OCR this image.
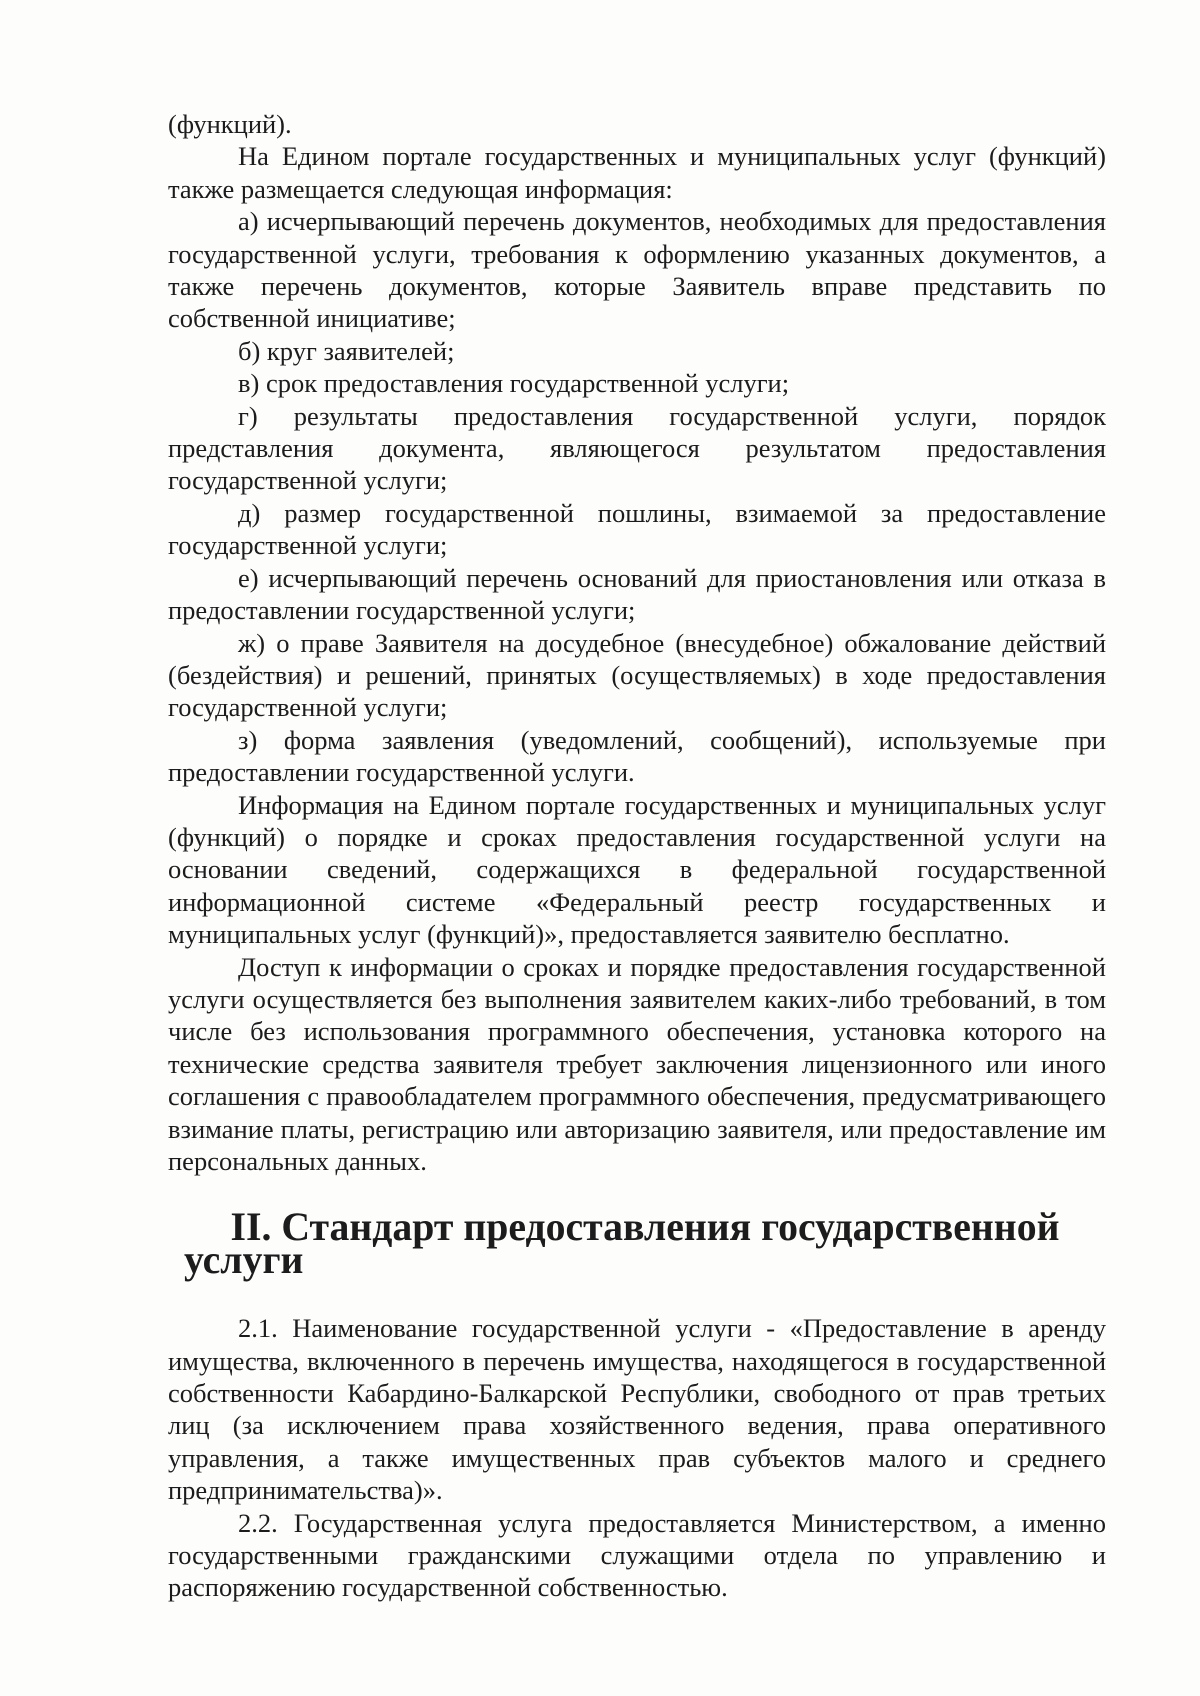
(функций).

На Едином портале государственных и муниципальных услуг (функций) также размещается следующая информация:

а) исчерпывающий перечень документов, необходимых для предоставления государственной услуги, требования к оформлению указанных документов, а также перечень документов, которые Заявитель вправе представить по собственной инициативе;

б) круг заявителей;

в) срок предоставления государственной услуги;

г) результаты предоставления государственной услуги, порядок представления документа, являющегося результатом предоставления государственной услуги;

д) размер государственной пошлины, взимаемой за предоставление государственной услуги;

е) исчерпывающий перечень оснований для приостановления или отказа в предоставлении государственной услуги;

ж) о праве Заявителя на досудебное (внесудебное) обжалование действий (бездействия) и решений, принятых (осуществляемых) в ходе предоставления государственной услуги;

з) форма заявления (уведомлений, сообщений), используемые при предоставлении государственной услуги.

Информация на Едином портале государственных и муниципальных услуг (функций) о порядке и сроках предоставления государственной услуги на основании сведений, содержащихся в федеральной государственной информационной системе «Федеральный реестр государственных и муниципальных услуг (функций)», предоставляется заявителю бесплатно.

Доступ к информации о сроках и порядке предоставления государственной услуги осуществляется без выполнения заявителем каких-либо требований, в том числе без использования программного обеспечения, установка которого на технические средства заявителя требует заключения лицензионного или иного соглашения с правообладателем программного обеспечения, предусматривающего взимание платы, регистрацию или авторизацию заявителя, или предоставление им персональных данных.

II. Стандарт предоставления государственной услуги

2.1. Наименование государственной услуги - «Предоставление в аренду имущества, включенного в перечень имущества, находящегося в государственной собственности Кабардино-Балкарской Республики, свободного от прав третьих лиц (за исключением права хозяйственного ведения, права оперативного управления, а также имущественных прав субъектов малого и среднего предпринимательства)».

2.2. Государственная услуга предоставляется Министерством, а именно государственными гражданскими служащими отдела по управлению и распоряжению государственной собственностью.
